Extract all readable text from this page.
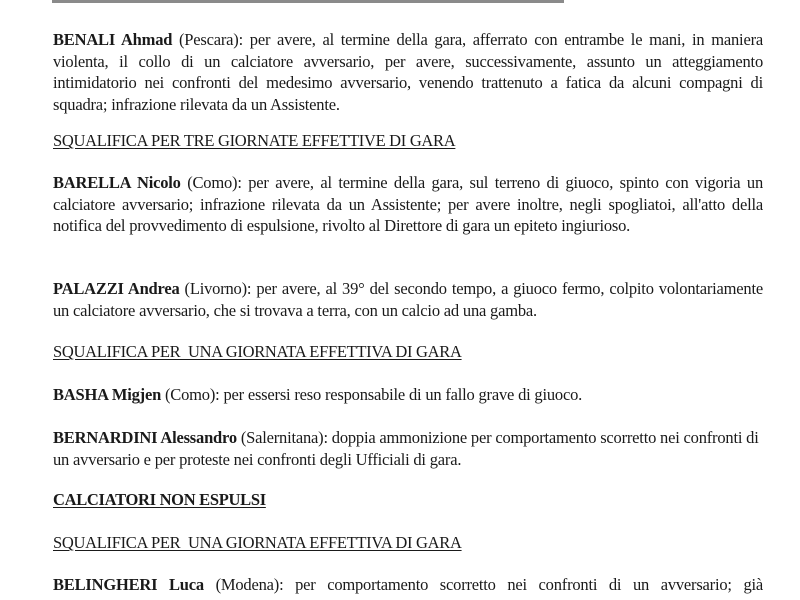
BENALI Ahmad (Pescara): per avere, al termine della gara, afferrato con entrambe le mani, in maniera violenta, il collo di un calciatore avversario, per avere, successivamente, assunto un atteggiamento intimidatorio nei confronti del medesimo avversario, venendo trattenuto a fatica da alcuni compagni di squadra; infrazione rilevata da un Assistente.

SQUALIFICA PER TRE GIORNATE EFFETTIVE DI GARA

BARELLA Nicolo (Como): per avere, al termine della gara, sul terreno di giuoco, spinto con vigoria un calciatore avversario; infrazione rilevata da un Assistente; per avere inoltre, negli spogliatoi, all'atto della notifica del provvedimento di espulsione, rivolto al Direttore di gara un epiteto ingiurioso.

PALAZZI Andrea (Livorno): per avere, al 39° del secondo tempo, a giuoco fermo, colpito volontariamente un calciatore avversario, che si trovava a terra, con un calcio ad una gamba.

SQUALIFICA PER  UNA GIORNATA EFFETTIVA DI GARA

BASHA Migjen (Como): per essersi reso responsabile di un fallo grave di giuoco.

BERNARDINI Alessandro (Salernitana): doppia ammonizione per comportamento scorretto nei confronti di un avversario e per proteste nei confronti degli Ufficiali di gara.

CALCIATORI NON ESPULSI
SQUALIFICA PER  UNA GIORNATA EFFETTIVA DI GARA

BELINGHERI Luca (Modena): per comportamento scorretto nei confronti di un avversario; già
